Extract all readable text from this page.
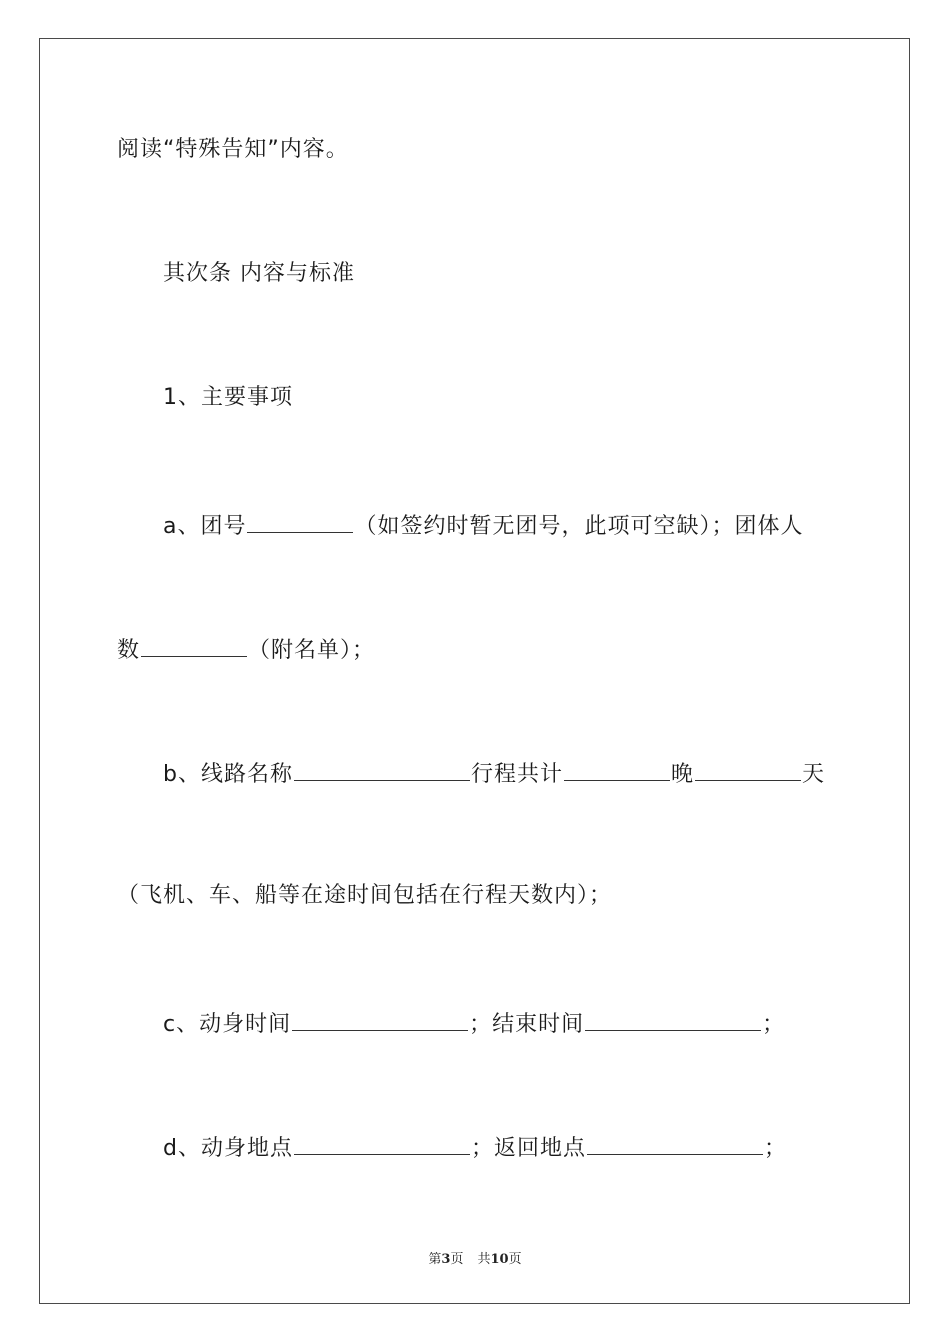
阅读“特殊告知”内容。
其次条 内容与标准
1、主要事项
a、团号	（如签约时暂无团号，此项可空缺）；团体人
数	（附名单）；
b、线路名称	行程共计	晚	天
（飞机、车、船等在途时间包括在行程天数内）；
c、动身时间	；结束时间	；
d、动身地点	；返回地点	；
第3页 共10页
